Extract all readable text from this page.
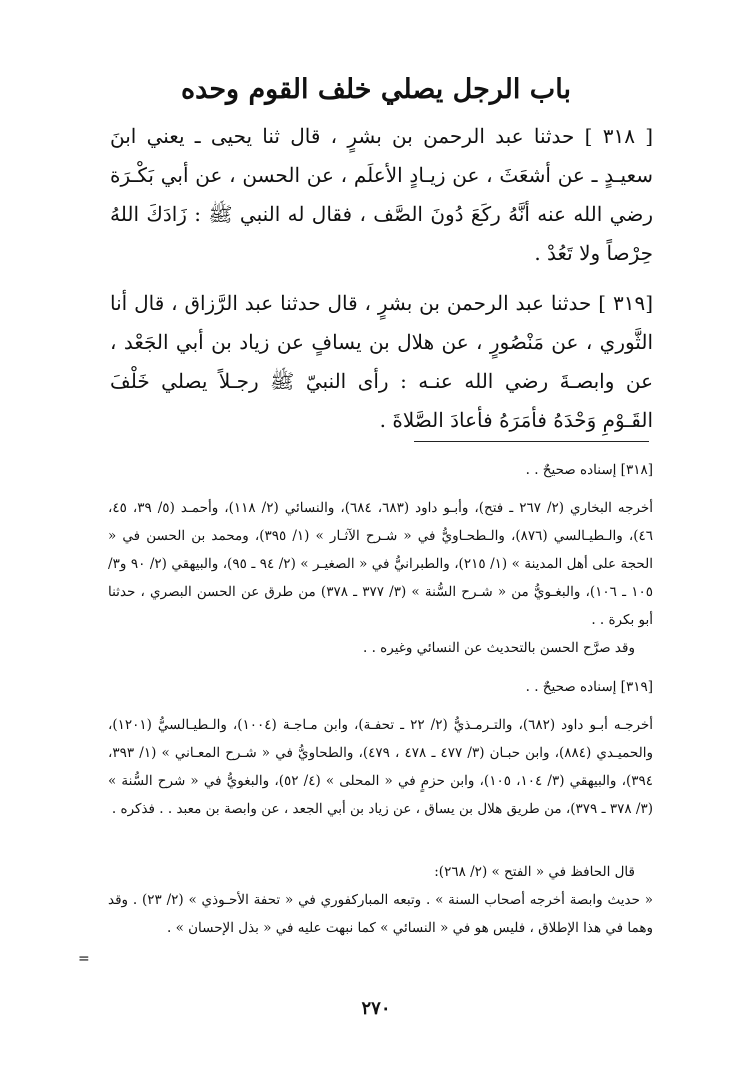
باب الرجل يصلي خلف القوم وحده

[ ٣١٨ ] حدثنا عبد الرحمن بن بشرٍ ، قال ثنا يحيى ـ يعني ابنَ سعيـدٍ ـ عن أشعَثَ ، عن زيـادٍ الأعلَم ، عن الحسن ، عن أبي بَكْـرَة رضي الله عنه أنَّهُ ركَعَ دُونَ الصَّف ، فقال له النبي ﷺ : زَادَكَ اللهُ حِرْصاً ولا تَعُدْ .

[٣١٩ ] حدثنا عبد الرحمن بن بشرٍ ، قال حدثنا عبد الرَّزاق ، قال أنا الثَّوري ، عن مَنْصُورٍ ، عن هلال بن يسافٍ عن زياد بن أبي الجَعْد ، عن وابصـةَ رضي الله عنـه : رأى النبيّ ﷺ رجـلاً يصلي خَلْفَ القَـوْمِ وَحْدَهُ فأمَرَهُ فأعادَ الصَّلاةَ .

[٣١٨] إسناده صحيحٌ . .

أخرجه البخاري (٢/ ٢٦٧ ـ فتح)، وأبـو داود (٦٨٣، ٦٨٤)، والنسائي (٢/ ١١٨)، وأحمـد (٥/ ٣٩، ٤٥، ٤٦)، والـطيـالسي (٨٧٦)، والـطحـاويُّ في « شـرح الآثـار » (١/ ٣٩٥)، ومحمد بن الحسن في « الحجة على أهل المدينة » (١/ ٢١٥)، والطبرانيُّ في « الصغيـر » (٢/ ٩٤ ـ ٩٥)، والبيهقي (٢/ ٩٠ و٣/ ١٠٥ ـ ١٠٦)، والبغـويُّ من « شـرح السُّنة » (٣/ ٣٧٧ ـ ٣٧٨) من طرق عن الحسن البصري ، حدثنا أبو بكرة . .

وقد صرَّح الحسن بالتحديث عن النسائي وغيره . .

[٣١٩] إسناده صحيحٌ . .

أخرجـه أبـو داود (٦٨٢)، والتـرمـذيُّ (٢/ ٢٢ ـ تحفـة)، وابن مـاجـة (١٠٠٤)، والـطيـالسيُّ (١٢٠١)، والحميـدي (٨٨٤)، وابن حبـان (٣/ ٤٧٧ ـ ٤٧٨ ، ٤٧٩)، والطحاويُّ في « شـرح المعـاني » (١/ ٣٩٣، ٣٩٤)، والبيهقي (٣/ ١٠٤، ١٠٥)، وابن حزمٍ في « المحلى » (٤/ ٥٢)، والبغويُّ في « شرح السُّنة » (٣/ ٣٧٨ ـ ٣٧٩)، من طريق هلال بن يساق ، عن زياد بن أبي الجعد ، عن وابصة بن معبد . . فذكره .

قال الحافظ في « الفتح » (٢/ ٢٦٨):

« حديث وابصة أخرجه أصحاب السنة » . وتبعه المباركفوري في « تحفة الأحـوذي » (٢/ ٢٣) . وقد وهما في هذا الإطلاق ، فليس هو في « النسائي » كما نبهت عليه في « بذل الإحسان » .

=
٢٧٠
